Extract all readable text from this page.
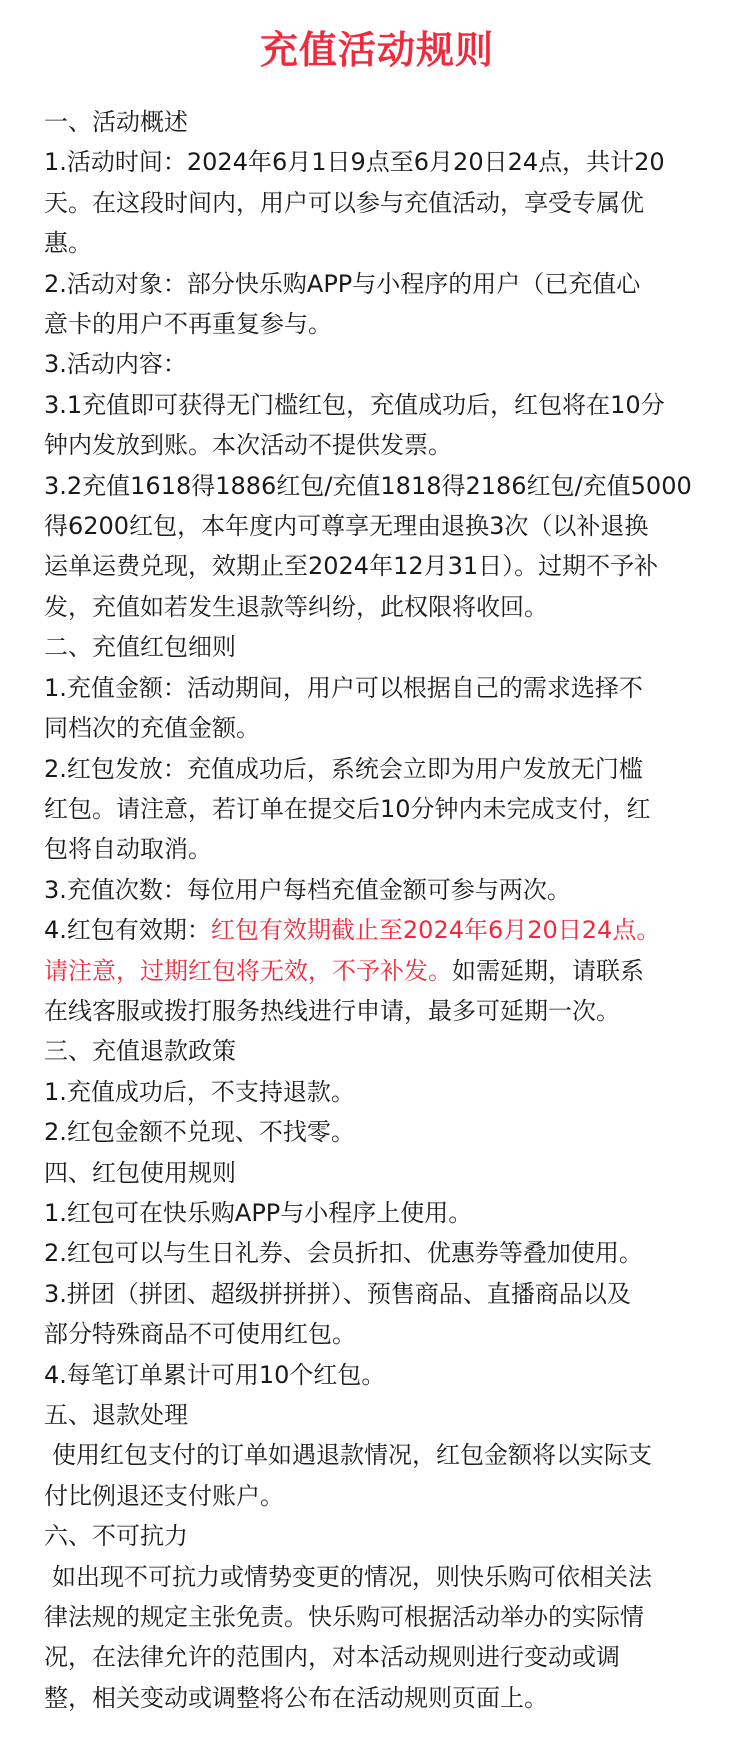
充值活动规则
一、活动概述
1.活动时间：2024年6月1日9点至6月20日24点，共计20
天。在这段时间内，用户可以参与充值活动，享受专属优
惠。
2.活动对象：部分快乐购APP与小程序的用户（已充值心
意卡的用户不再重复参与。
3.活动内容：
3.1充值即可获得无门槛红包，充值成功后，红包将在10分
钟内发放到账。本次活动不提供发票。
3.2充值1618得1886红包/充值1818得2186红包/充值5000
得6200红包，本年度内可尊享无理由退换3次（以补退换
运单运费兑现，效期止至2024年12月31日）。过期不予补
发，充值如若发生退款等纠纷，此权限将收回。
二、充值红包细则
1.充值金额：活动期间，用户可以根据自己的需求选择不
同档次的充值金额。
2.红包发放：充值成功后，系统会立即为用户发放无门槛
红包。请注意，若订单在提交后10分钟内未完成支付，红
包将自动取消。
3.充值次数：每位用户每档充值金额可参与两次。
4.红包有效期：红包有效期截止至2024年6月20日24点。
请注意，过期红包将无效，不予补发。如需延期，请联系
在线客服或拨打服务热线进行申请，最多可延期一次。
三、充值退款政策
1.充值成功后，不支持退款。
2.红包金额不兑现、不找零。
四、红包使用规则
1.红包可在快乐购APP与小程序上使用。
2.红包可以与生日礼券、会员折扣、优惠券等叠加使用。
3.拼团（拼团、超级拼拼拼）、预售商品、直播商品以及
部分特殊商品不可使用红包。
4.每笔订单累计可用10个红包。
五、退款处理
使用红包支付的订单如遇退款情况，红包金额将以实际支
付比例退还支付账户。
六、不可抗力
如出现不可抗力或情势变更的情况，则快乐购可依相关法
律法规的规定主张免责。快乐购可根据活动举办的实际情
况，在法律允许的范围内，对本活动规则进行变动或调
整，相关变动或调整将公布在活动规则页面上。
